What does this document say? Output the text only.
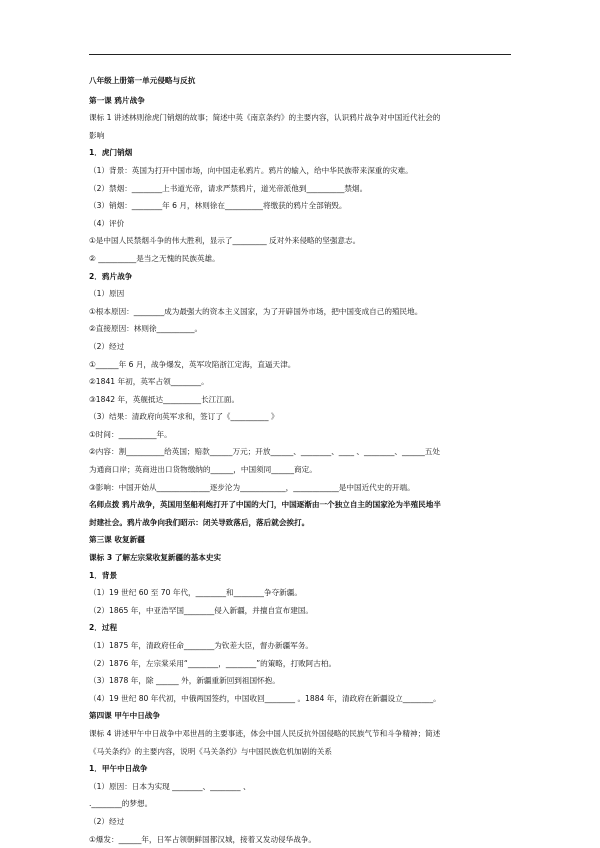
八年级上册第一单元侵略与反抗
第一课 鸦片战争
课标 1 讲述林则徐虎门销烟的故事；简述中英《南京条约》的主要内容，认识鸦片战争对中国近代社会的
影响
1．虎门销烟
（1）背景：英国为打开中国市场，向中国走私鸦片。鸦片的输入，给中华民族带来深重的灾难。
（2）禁烟：________上书道光帝，请求严禁鸦片，道光帝派他到__________禁烟。
（3）销烟：________年 6 月，林则徐在__________将缴获的鸦片全部销毁。
（4）评价
①是中国人民禁烟斗争的伟大胜利，显示了_________ 反对外来侵略的坚强意志。
② __________是当之无愧的民族英雄。
2．鸦片战争
（1）原因
①根本原因：________成为最强大的资本主义国家，为了开辟国外市场，把中国变成自己的殖民地。
②直接原因：林则徐__________。
（2）经过
①______年 6 月，战争爆发，英军攻陷浙江定海，直逼天津。
②1841 年初，英军占领________。
③1842 年，英舰抵达__________长江江面。
（3）结果：清政府向英军求和，签订了《__________ 》
①时间：__________年。
②内容：割__________给英国；赔款______万元；开放______、________、____ 、________、______五处
为通商口岸；英商进出口货物缴纳的______，中国须同______商定。
③影响：中国开始从______________逐步沦为____________，____________是中国近代史的开端。
名师点拨 鸦片战争，英国用坚船利炮打开了中国的大门，中国逐渐由一个独立自主的国家沦为半殖民地半
封建社会。鸦片战争向我们昭示：闭关导致落后，落后就会挨打。
第三课 收复新疆
课标 3 了解左宗棠收复新疆的基本史实
1．背景
（1）19 世纪 60 至 70 年代，________和________争夺新疆。
（2）1865 年，中亚浩罕国________侵入新疆，并擅自宣布建国。
2．过程
（1）1875 年，清政府任命________为钦差大臣，督办新疆军务。
（2）1876 年，左宗棠采用“________，________”的策略，打败阿古柏。
（3）1878 年，除 ______ 外，新疆重新回到祖国怀抱。
（4）19 世纪 80 年代初，中俄两国签约，中国收回________ 。1884 年，清政府在新疆设立________。
第四课 甲午中日战争
课标 4 讲述甲午中日战争中邓世昌的主要事迹，体会中国人民反抗外国侵略的民族气节和斗争精神；简述
《马关条约》的主要内容，说明《马关条约》与中国民族危机加剧的关系
1．甲午中日战争
（1）原因：日本为实现 ________、________ 、
.________的梦想。
（2）经过
①爆发：______年，日军占领朝鲜国都汉城，接着又发动侵华战争。
